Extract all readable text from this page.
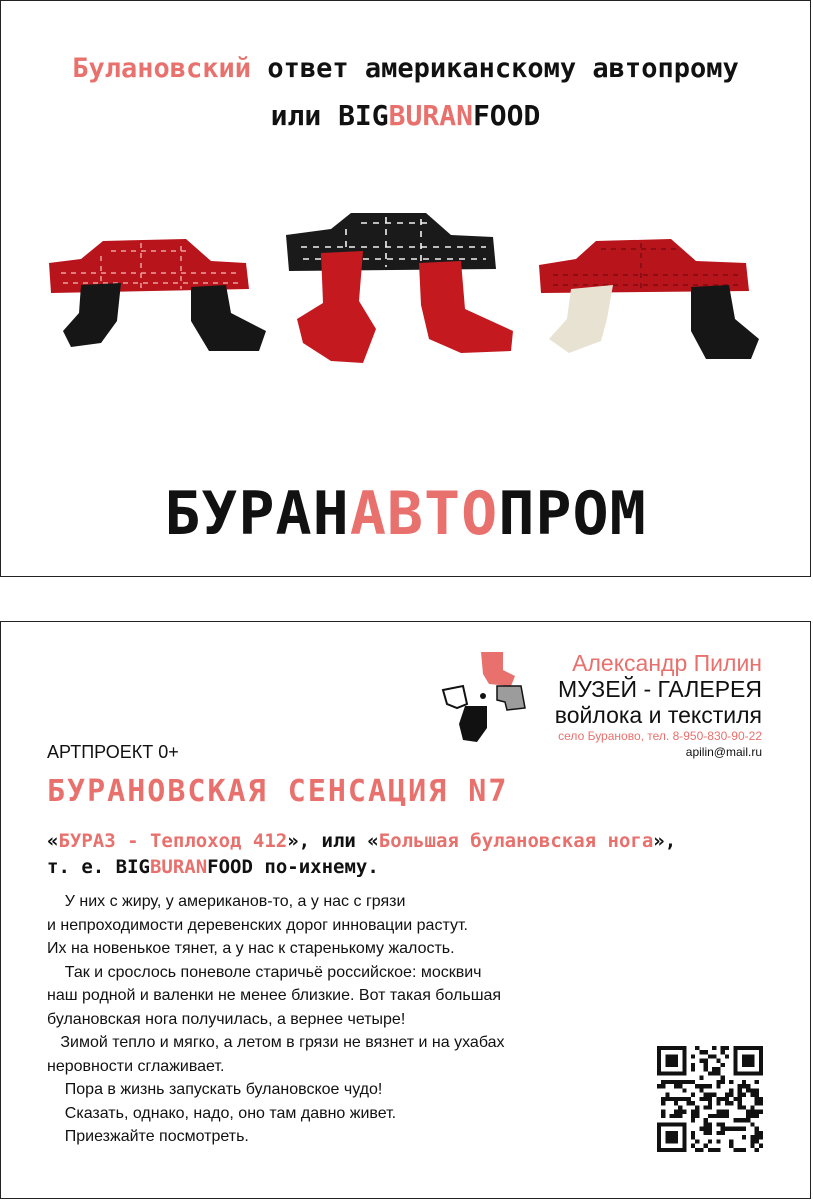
Булановский ответ американскому автопрому
или BIGBURANFOOD
БУРАНАВТОПРОМ
Александр Пилин
МУЗЕЙ - ГАЛЕРЕЯ
войлока и текстиля
село Бураново, тел. 8-950-830-90-22
apilin@mail.ru
АРТПРОЕКТ 0+
БУРАНОВСКАЯ СЕНСАЦИЯ N7
«БУРАЗ - Теплоход 412», или «Большая булановская нога»,
т. е. BIGBURANFOOD по-ихнему.

У них с жиру, у американов-то, а у нас с грязи

и непроходимости деревенских дорог инновации растут.

Их на новенькое тянет, а у нас к старенькому жалость.

Так и срослось поневоле старичьё российское: москвич

наш родной и валенки не менее близкие. Вот такая большая

булановская нога получилась, а вернее четыре!

Зимой тепло и мягко, а летом в грязи не вязнет и на ухабах

неровности сглаживает.

Пора в жизнь запускать булановское чудо!

Сказать, однако, надо, оно там давно живет.

Приезжайте посмотреть.
